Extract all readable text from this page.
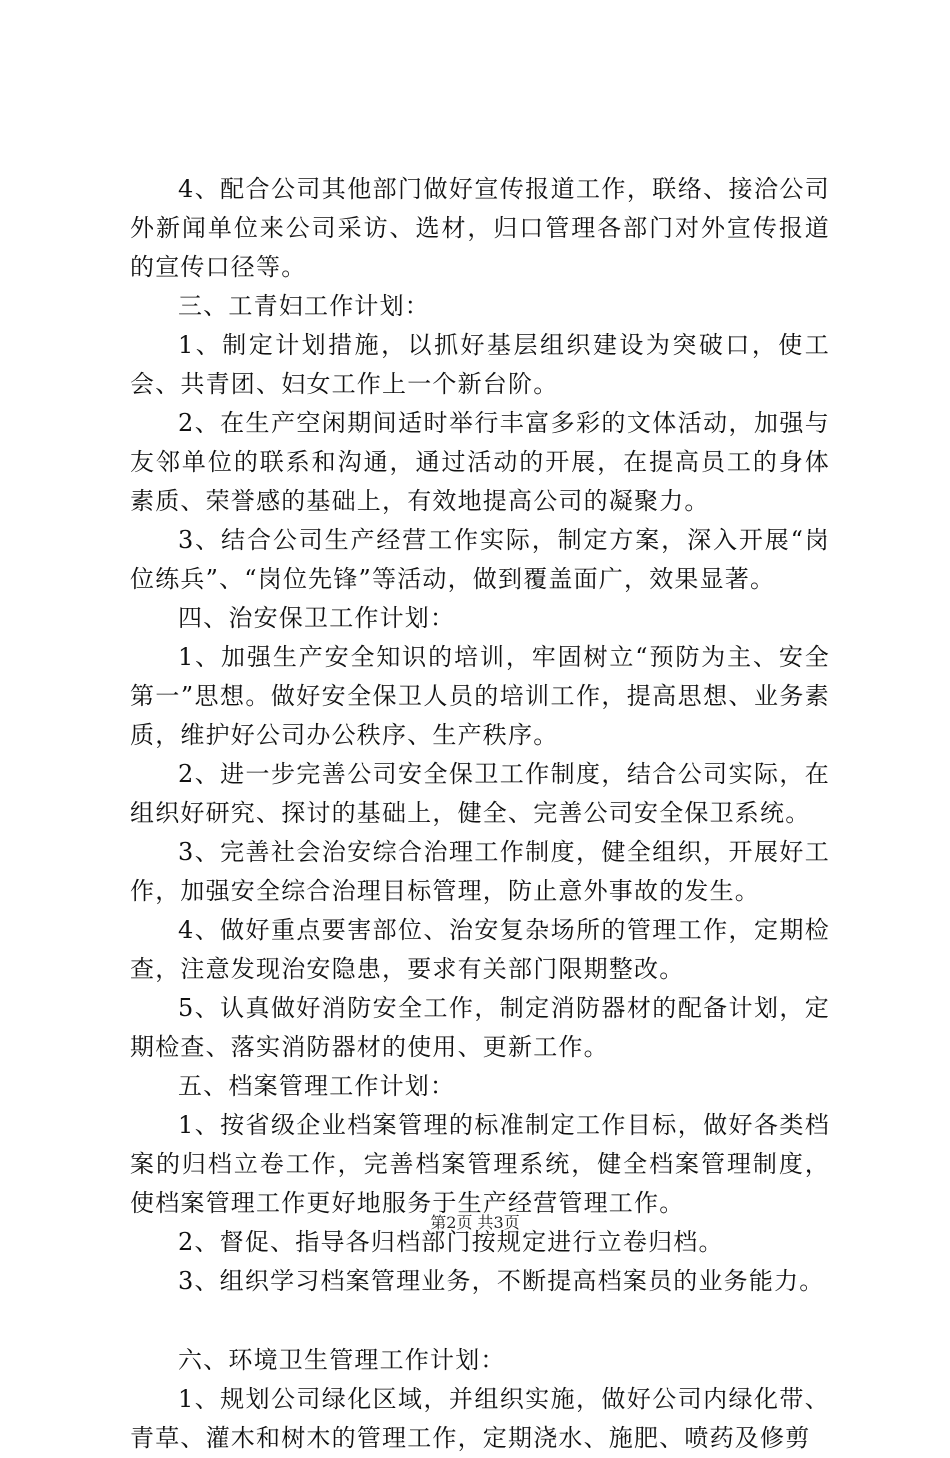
4、配合公司其他部门做好宣传报道工作，联络、接洽公司外新闻单位来公司采访、选材，归口管理各部门对外宣传报道的宣传口径等。

三、工青妇工作计划：

1、制定计划措施，以抓好基层组织建设为突破口，使工会、共青团、妇女工作上一个新台阶。

2、在生产空闲期间适时举行丰富多彩的文体活动，加强与友邻单位的联系和沟通，通过活动的开展，在提高员工的身体素质、荣誉感的基础上，有效地提高公司的凝聚力。

3、结合公司生产经营工作实际，制定方案，深入开展“岗位练兵”、“岗位先锋”等活动，做到覆盖面广，效果显著。

四、治安保卫工作计划：

1、加强生产安全知识的培训，牢固树立“预防为主、安全第一”思想。做好安全保卫人员的培训工作，提高思想、业务素质，维护好公司办公秩序、生产秩序。

2、进一步完善公司安全保卫工作制度，结合公司实际，在组织好研究、探讨的基础上，健全、完善公司安全保卫系统。

3、完善社会治安综合治理工作制度，健全组织，开展好工作，加强安全综合治理目标管理，防止意外事故的发生。

4、做好重点要害部位、治安复杂场所的管理工作，定期检查，注意发现治安隐患，要求有关部门限期整改。

5、认真做好消防安全工作，制定消防器材的配备计划，定期检查、落实消防器材的使用、更新工作。

五、档案管理工作计划：

1、按省级企业档案管理的标准制定工作目标，做好各类档案的归档立卷工作，完善档案管理系统，健全档案管理制度，使档案管理工作更好地服务于生产经营管理工作。

2、督促、指导各归档部门按规定进行立卷归档。

3、组织学习档案管理业务，不断提高档案员的业务能力。

六、环境卫生管理工作计划：

1、规划公司绿化区域，并组织实施，做好公司内绿化带、青草、灌木和树木的管理工作，定期浇水、施肥、喷药及修剪

第2页 共3页
